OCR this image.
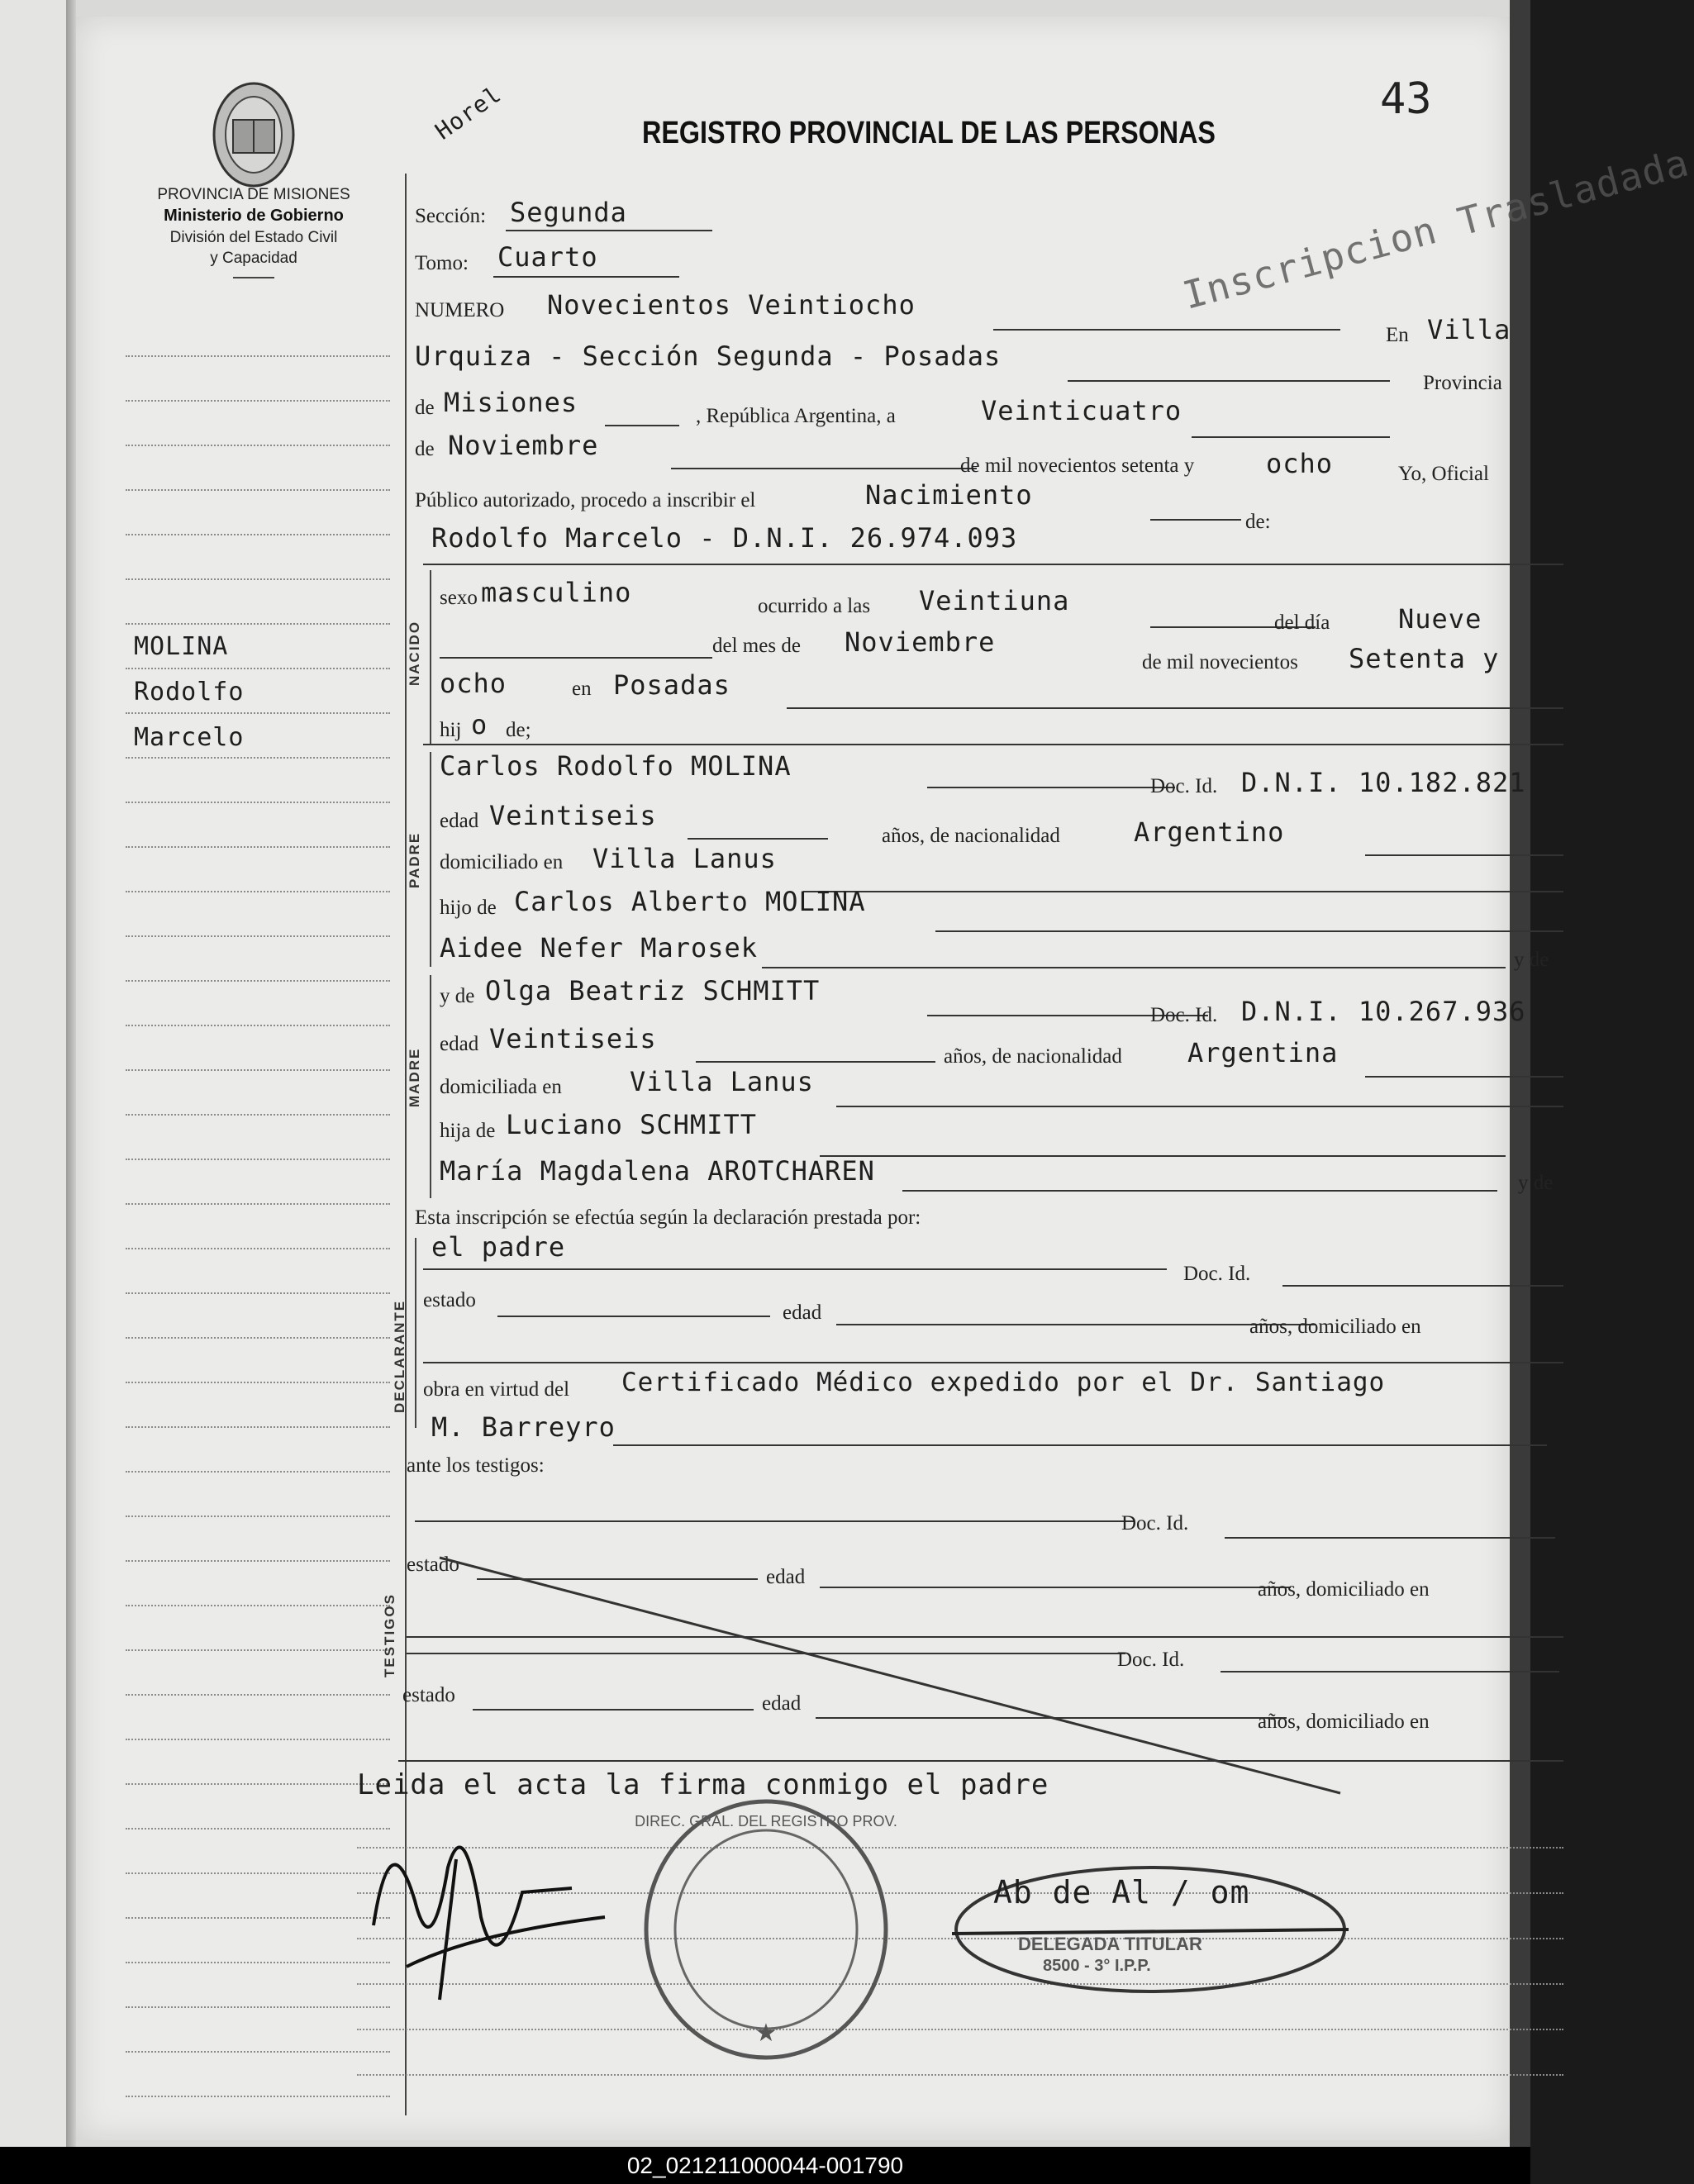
PROVINCIA DE MISIONES
Ministerio de Gobierno
División del Estado Civil
y Capacidad
MOLINA
Rodolfo
Marcelo
REGISTRO PROVINCIAL DE LAS PERSONAS
43
Horel
Inscripcion Trasladada
Sección: Segunda
Tomo: Cuarto
NUMERO Novecientos Veintiocho
En Villa
Urquiza - Sección Segunda - Posadas
Provincia
de Misiones	, República Argentina, a	Veinticuatro
de Noviembre
de mil novecientos setenta y	ocho	Yo, Oficial
Público autorizado, procedo a inscribir el	Nacimiento
de:
Rodolfo Marcelo - D.N.I. 26.974.093
NACIDO
sexo masculino	ocurrido a las Veintiuna
del día	Nueve
del mes de Noviembre
de mil novecientos Setenta y
ocho	en Posadas
hij o de;
PADRE
Carlos Rodolfo MOLINA
Doc. Id. D.N.I. 10.182.821
edad Veintiseis
años, de nacionalidad	Argentino
domiciliado en Villa Lanus
hijo de Carlos Alberto MOLINA
Aidee Nefer Marosek	y de
MADRE
y de Olga Beatriz SCHMITT
Doc. Id. D.N.I. 10.267.936
edad Veintiseis
años, de nacionalidad Argentina
domiciliada en	Villa Lanus
hija de Luciano SCHMITT
María Magdalena AROTCHAREN	y de
Esta inscripción se efectúa según la declaración prestada por:
DECLARANTE
el padre
Doc. Id.
estado
edad
años, domiciliado en
obra en virtud del Certificado Médico expedido por el Dr. Santiago
M. Barreyro
ante los testigos:
TESTIGOS
Doc. Id.
estado
edad
años, domiciliado en
Doc. Id.
estado	edad
años, domiciliado en
Leida el acta la firma conmigo el padre
DIREC. GRAL. DEL REGISTRO PROV.
★
Ab de Al / om
DELEGADA TITULAR
8500 - 3° I.P.P.
02_021211000044-001790
